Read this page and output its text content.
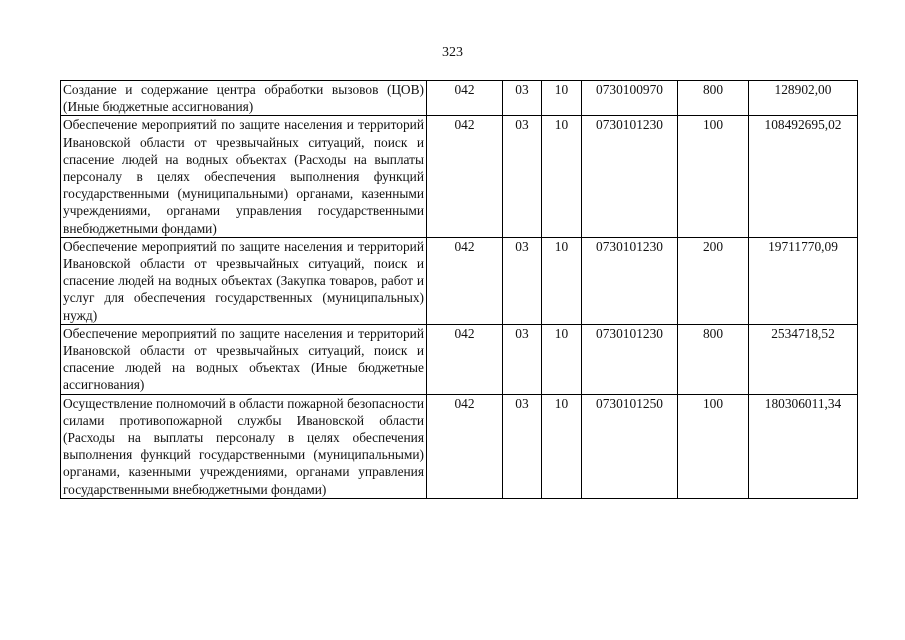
323
Создание и содержание центра обработки вызовов (ЦОВ) (Иные бюджетные ассигнования)	042	03	10	0730100970	800	128902,00
Обеспечение мероприятий по защите населения и территорий Ивановской области от чрезвычайных ситуаций, поиск и спасение людей на водных объектах (Расходы на выплаты персоналу в целях обеспечения выполнения функций государственными (муниципальными) органами, казенными учреждениями, органами управления государственными внебюджетными фондами)	042	03	10	0730101230	100	108492695,02
Обеспечение мероприятий по защите населения и территорий Ивановской области от чрезвычайных ситуаций, поиск и спасение людей на водных объектах (Закупка товаров, работ и услуг для обеспечения государственных (муниципальных) нужд)	042	03	10	0730101230	200	19711770,09
Обеспечение мероприятий по защите населения и территорий Ивановской области от чрезвычайных ситуаций, поиск и спасение людей на водных объектах (Иные бюджетные ассигнования)	042	03	10	0730101230	800	2534718,52
Осуществление полномочий в области пожарной безопасности силами противопожарной службы Ивановской области (Расходы на выплаты персоналу в целях обеспечения выполнения функций государственными (муниципальными) органами, казенными учреждениями, органами управления государственными внебюджетными фондами)	042	03	10	0730101250	100	180306011,34
